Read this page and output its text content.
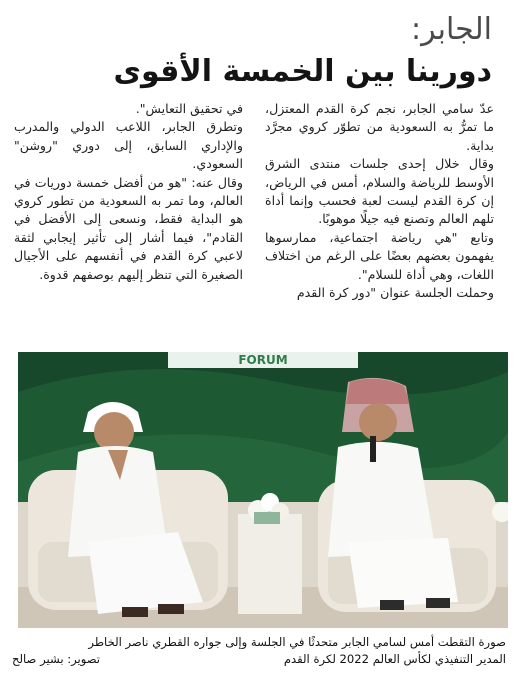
الجابر:
دورينا بين الخمسة الأقوى

عدّ سامي الجابر، نجم كرة القدم المعتزل، ما تمرُّ به السعودية من تطوّر كروي مجرَّد بداية.

وقال خلال إحدى جلسات منتدى الشرق الأوسط للرياضة والسلام، أمس في الرياض، إن كرة القدم ليست لعبة فحسب وإنما أداة تلهم العالم وتصنع فيه جيلًا موهوبًا.

وتابع "هي رياضة اجتماعية، ممارسوها يفهمون بعضهم بعضًا على الرغم من اختلاف اللغات، وهي أداة للسلام".

وحملت الجلسة عنوان "دور كرة القدم

في تحقيق التعايش".

وتطرق الجابر، اللاعب الدولي والمدرب والإداري السابق، إلى دوري "روشن" السعودي.

وقال عنه: "هو من أفضل خمسة دوريات في العالم، وما تمر به السعودية من تطور كروي هو البداية فقط، ونسعى إلى الأفضل في القادم"، فيما أشار إلى تأثير إيجابي لثقة لاعبي كرة القدم في أنفسهم على الأجيال الصغيرة التي تنظر إليهم بوصفهم قدوة.

FORUM
صورة التقطت أمس لسامي الجابر متحدثًا في الجلسة وإلى جواره القطري ناصر الخاطر
المدير التنفيذي لكأس العالم 2022 لكرة القدم
تصوير: بشير صالح
